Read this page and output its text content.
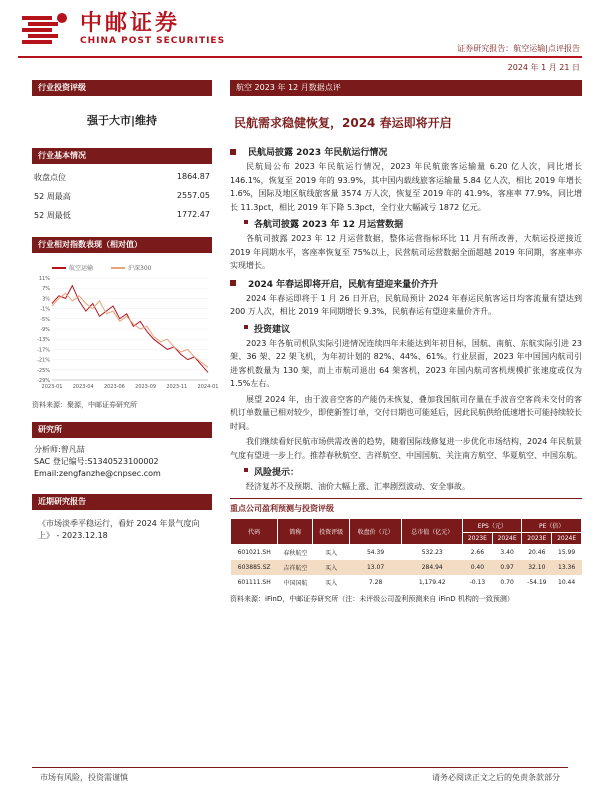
中邮证券
CHINA POST SECURITIES
证券研究报告：航空运输|点评报告
2024 年 1 月 21 日
行业投资评级
强于大市|维持
行业基本情况
收盘点位	1864.87
52 周最高	2557.05
52 周最低	1772.47
行业相对指数表现（相对值）
航空运输	沪深300
11%
7%
3%
-1%
-5%
-9%
-13%
-17%
-21%
-25%
-29%
2023-01 2023-04 2023-06 2023-09 2023-11 2024-01
资料来源：聚源，中邮证券研究所
研究所
分析师:曾凡喆
SAC 登记编号:S1340523100002
Email:zengfanzhe@cnpsec.com
近期研究报告
《市场淡季平稳运行，看好 2024 年景气度向上》 - 2023.12.18
航空 2023 年 12 月数据点评
民航需求稳健恢复，2024 春运即将开启
民航局披露 2023 年民航运行情况
民航局公布 2023 年民航运行情况，2023 年民航旅客运输量 6.20 亿人次，同比增长 146.1%，恢复至 2019 年的 93.9%，其中国内载线旅客运输量 5.84 亿人次，相比 2019 年增长 1.6%，国际及地区航线旅客量 3574 万人次，恢复至 2019 年的 41.9%，客座率 77.9%，同比增长 11.3pct，相比 2019 年下降 5.3pct，全行业大幅减亏 1872 亿元。
各航司披露 2023 年 12 月运营数据
各航司披露 2023 年 12 月运营数据，整体运营指标环比 11 月有所改善，大航运投逆接近 2019 年同期水平，客座率恢复至 75%以上，民营航司运营数据全面超越 2019 年同期，客座率亦实现增长。
2024 年春运即将开启，民航有望迎来量价齐升
2024 年春运即将于 1 月 26 日开启，民航局预计 2024 年春运民航客运日均客流量有望达到 200 万人次，相比 2019 年同期增长 9.3%，民航春运有望迎来量价齐升。
投资建议
2023 年各航司机队实际引进情况连续四年未能达到年初目标，国航、南航、东航实际引进 23 架、36 架、22 架飞机，为年初计划的 82%、44%、61%。行业层面，2023 年中国国内航司引进客机数量为 130 架，而上市航司退出 64 架客机，2023 年国内航司客机规模扩张速度或仅为 1.5%左右。
展望 2024 年，由于波音空客的产能仍未恢复，叠加我国航司存量在手波音空客尚未交付的客机订单数量已相对较少，即使新签订单，交付日期也可能延后，因此民航供给低速增长可能持续较长时间。
我们继续看好民航市场供需改善的趋势，随着国际线修复进一步优化市场结构，2024 年民航景气度有望进一步上行。推荐春秋航空、吉祥航空、中国国航、关注南方航空、华夏航空、中国东航。
风险提示：
经济复苏不及预期、油价大幅上涨、汇率剧烈波动、安全事故。
重点公司盈利预测与投资评级
代码	简称	投资评级	收盘价（元）	总市值（亿元）	EPS（元）		PE（倍）	
					2023E	2024E	2023E	2024E
601021.SH	春秋航空	买入	54.39	532.23	2.66	3.40	20.46	15.99
603885.SZ	吉祥航空	买入	13.07	284.94	0.40	0.97	32.10	13.36
601111.SH	中国国航	买入	7.28	1,179.42	-0.13	0.70	-54.19	10.44
资料来源：iFinD，中邮证券研究所（注：未评级公司盈利预测来自 iFinD 机构的一致预测）
市场有风险，投资需谨慎	请务必阅读正文之后的免责条款部分
